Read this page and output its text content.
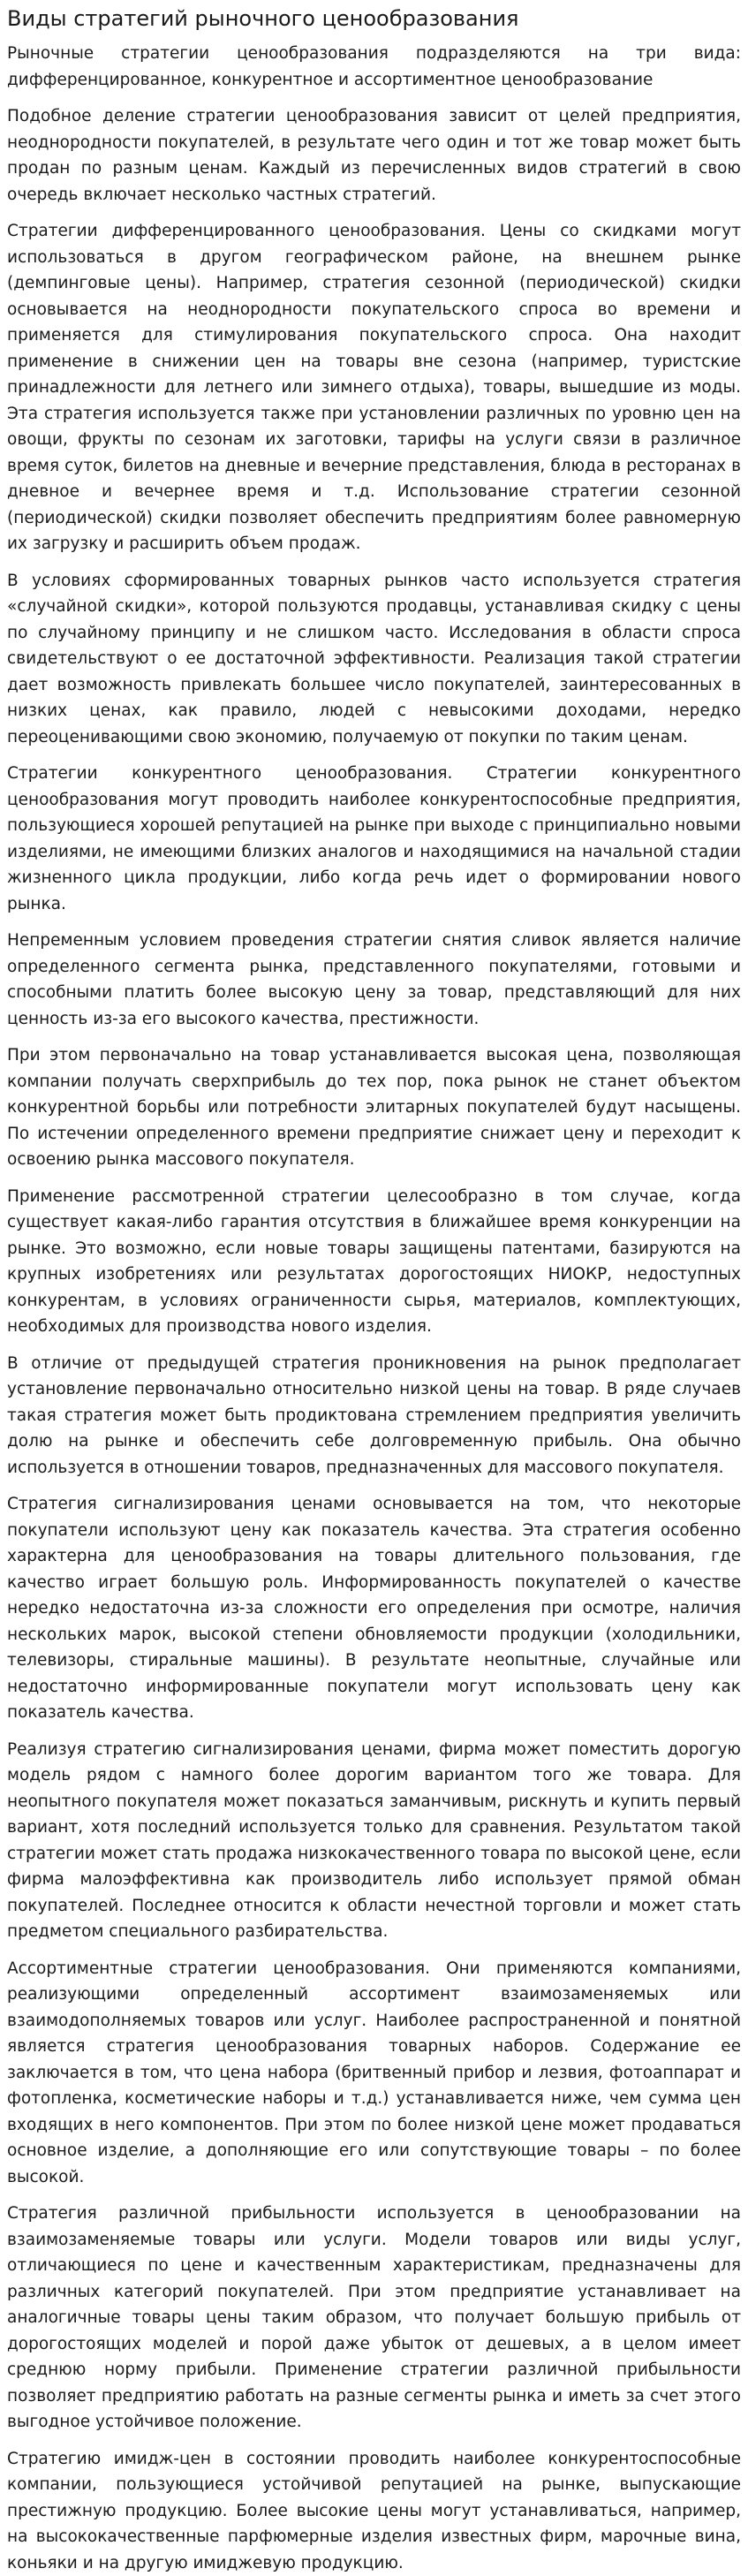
Виды стратегий рыночного ценообразования

Рыночные стратегии ценообразования подразделяются на три вида: дифференцированное, конкурентное и ассортиментное ценообразование

Подобное деление стратегии ценообразования зависит от целей предприятия, неоднородности покупателей, в результате чего один и тот же товар может быть продан по разным ценам. Каждый из перечисленных видов стратегий в свою очередь включает несколько частных стратегий.

Стратегии дифференцированного ценообразования. Цены со скидками могут использоваться в другом географическом районе, на внешнем рынке (демпинговые цены). Например, стратегия сезонной (периодической) скидки основывается на неоднородности покупательского спроса во времени и применяется для стимулирования покупательского спроса. Она находит применение в снижении цен на товары вне сезона (например, туристские принадлежности для летнего или зимнего отдыха), товары, вышедшие из моды. Эта стратегия используется также при установлении различных по уровню цен на овощи, фрукты по сезонам их заготовки, тарифы на услуги связи в различное время суток, билетов на дневные и вечерние представления, блюда в ресторанах в дневное и вечернее время и т.д. Использование стратегии сезонной (периодической) скидки позволяет обеспечить предприятиям более равномерную их загрузку и расширить объем продаж.

В условиях сформированных товарных рынков часто используется стратегия «случайной скидки», которой пользуются продавцы, устанавливая скидку с цены по случайному принципу и не слишком часто. Исследования в области спроса свидетельствуют о ее достаточной эффективности. Реализация такой стратегии дает возможность привлекать большее число покупателей, заинтересованных в низких ценах, как правило, людей с невысокими доходами, нередко переоценивающими свою экономию, получаемую от покупки по таким ценам.

Стратегии конкурентного ценообразования. Стратегии конкурентного ценообразования могут проводить наиболее конкурентоспособные предприятия, пользующиеся хорошей репутацией на рынке при выходе с принципиально новыми изделиями, не имеющими близких аналогов и находящимися на начальной стадии жизненного цикла продукции, либо когда речь идет о формировании нового рынка.

Непременным условием проведения стратегии снятия сливок является наличие определенного сегмента рынка, представленного покупателями, готовыми и способными платить более высокую цену за товар, представляющий для них ценность из-за его высокого качества, престижности.

При этом первоначально на товар устанавливается высокая цена, позволяющая компании получать сверхприбыль до тех пор, пока рынок не станет объектом конкурентной борьбы или потребности элитарных покупателей будут насыщены. По истечении определенного времени предприятие снижает цену и переходит к освоению рынка массового покупателя.

Применение рассмотренной стратегии целесообразно в том случае, когда существует какая-либо гарантия отсутствия в ближайшее время конкуренции на рынке. Это возможно, если новые товары защищены патентами, базируются на крупных изобретениях или результатах дорогостоящих НИОКР, недоступных конкурентам, в условиях ограниченности сырья, материалов, комплектующих, необходимых для производства нового изделия.

В отличие от предыдущей стратегия проникновения на рынок предполагает установление первоначально относительно низкой цены на товар. В ряде случаев такая стратегия может быть продиктована стремлением предприятия увеличить долю на рынке и обеспечить себе долговременную прибыль. Она обычно используется в отношении товаров, предназначенных для массового покупателя.

Стратегия сигнализирования ценами основывается на том, что некоторые покупатели используют цену как показатель качества. Эта стратегия особенно характерна для ценообразования на товары длительного пользования, где качество играет большую роль. Информированность покупателей о качестве нередко недостаточна из-за сложности его определения при осмотре, наличия нескольких марок, высокой степени обновляемости продукции (холодильники, телевизоры, стиральные машины). В результате неопытные, случайные или недостаточно информированные покупатели могут использовать цену как показатель качества.

Реализуя стратегию сигнализирования ценами, фирма может поместить дорогую модель рядом с намного более дорогим вариантом того же товара. Для неопытного покупателя может показаться заманчивым, рискнуть и купить первый вариант, хотя последний используется только для сравнения. Результатом такой стратегии может стать продажа низкокачественного товара по высокой цене, если фирма малоэффективна как производитель либо использует прямой обман покупателей. Последнее относится к области нечестной торговли и может стать предметом специального разбирательства.

Ассортиментные стратегии ценообразования. Они применяются компаниями, реализующими определенный ассортимент взаимозаменяемых или взаимодополняемых товаров или услуг. Наиболее распространенной и понятной является стратегия ценообразования товарных наборов. Содержание ее заключается в том, что цена набора (бритвенный прибор и лезвия, фотоаппарат и фотопленка, косметические наборы и т.д.) устанавливается ниже, чем сумма цен входящих в него компонентов. При этом по более низкой цене может продаваться основное изделие, а дополняющие его или сопутствующие товары – по более высокой.

Стратегия различной прибыльности используется в ценообразовании на взаимозаменяемые товары или услуги. Модели товаров или виды услуг, отличающиеся по цене и качественным характеристикам, предназначены для различных категорий покупателей. При этом предприятие устанавливает на аналогичные товары цены таким образом, что получает большую прибыль от дорогостоящих моделей и порой даже убыток от дешевых, а в целом имеет среднюю норму прибыли. Применение стратегии различной прибыльности позволяет предприятию работать на разные сегменты рынка и иметь за счет этого выгодное устойчивое положение.

Стратегию имидж-цен в состоянии проводить наиболее конкурентоспособные компании, пользующиеся устойчивой репутацией на рынке, выпускающие престижную продукцию. Более высокие цены могут устанавливаться, например, на высококачественные парфюмерные изделия известных фирм, марочные вина, коньяки и на другую имиджевую продукцию.
